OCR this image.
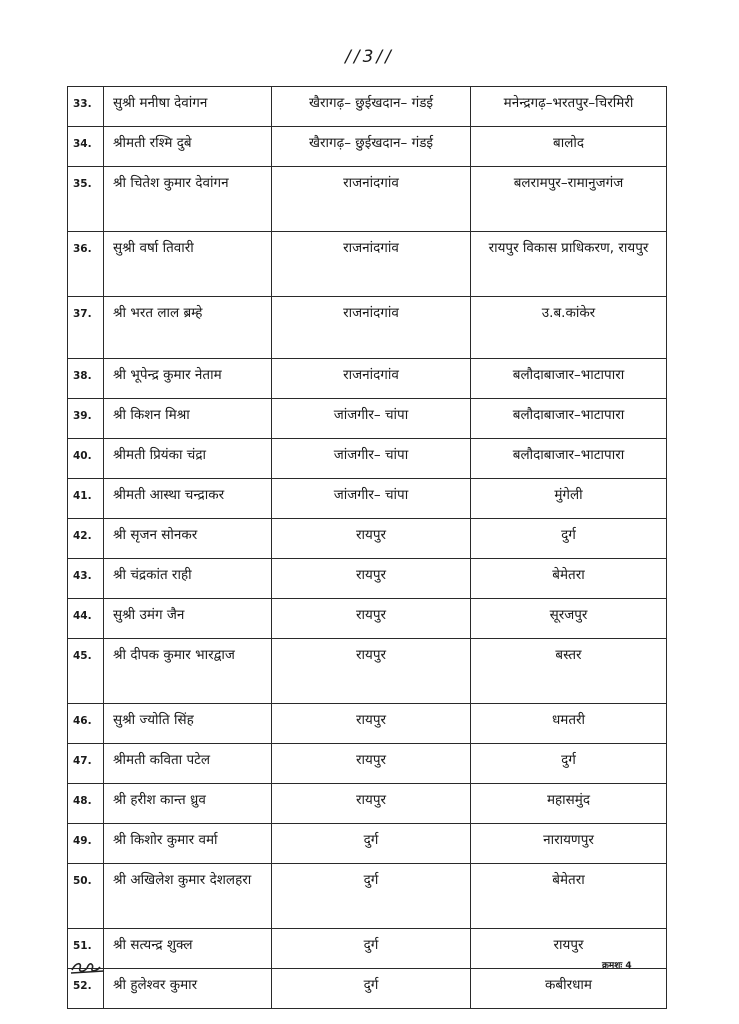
//3//
33.	सुश्री मनीषा देवांगन	खैरागढ़– छुईखदान– गंडई	मनेन्द्रगढ़–भरतपुर–चिरमिरी
34.	श्रीमती रश्मि दुबे	खैरागढ़– छुईखदान– गंडई	बालोद
35.	श्री चितेश कुमार देवांगन	राजनांदगांव	बलरामपुर–रामानुजगंज
36.	सुश्री वर्षा तिवारी	राजनांदगांव	रायपुर विकास प्राधिकरण, रायपुर
37.	श्री भरत लाल ब्रम्हे	राजनांदगांव	उ.ब.कांकेर
38.	श्री भूपेन्द्र कुमार नेताम	राजनांदगांव	बलौदाबाजार–भाटापारा
39.	श्री किशन मिश्रा	जांजगीर– चांपा	बलौदाबाजार–भाटापारा
40.	श्रीमती प्रियंका चंद्रा	जांजगीर– चांपा	बलौदाबाजार–भाटापारा
41.	श्रीमती आस्था चन्द्राकर	जांजगीर– चांपा	मुंगेली
42.	श्री सृजन सोनकर	रायपुर	दुर्ग
43.	श्री चंद्रकांत राही	रायपुर	बेमेतरा
44.	सुश्री उमंग जैन	रायपुर	सूरजपुर
45.	श्री दीपक कुमार भारद्वाज	रायपुर	बस्तर
46.	सुश्री ज्योति सिंह	रायपुर	धमतरी
47.	श्रीमती कविता पटेल	रायपुर	दुर्ग
48.	श्री हरीश कान्त ध्रुव	रायपुर	महासमुंद
49.	श्री किशोर कुमार वर्मा	दुर्ग	नारायणपुर
50.	श्री अखिलेश कुमार देशलहरा	दुर्ग	बेमेतरा
51.	श्री सत्यन्द्र शुक्ल	दुर्ग	रायपुर
52.	श्री हुलेश्वर कुमार	दुर्ग	कबीरधाम
क्रमशः 4
